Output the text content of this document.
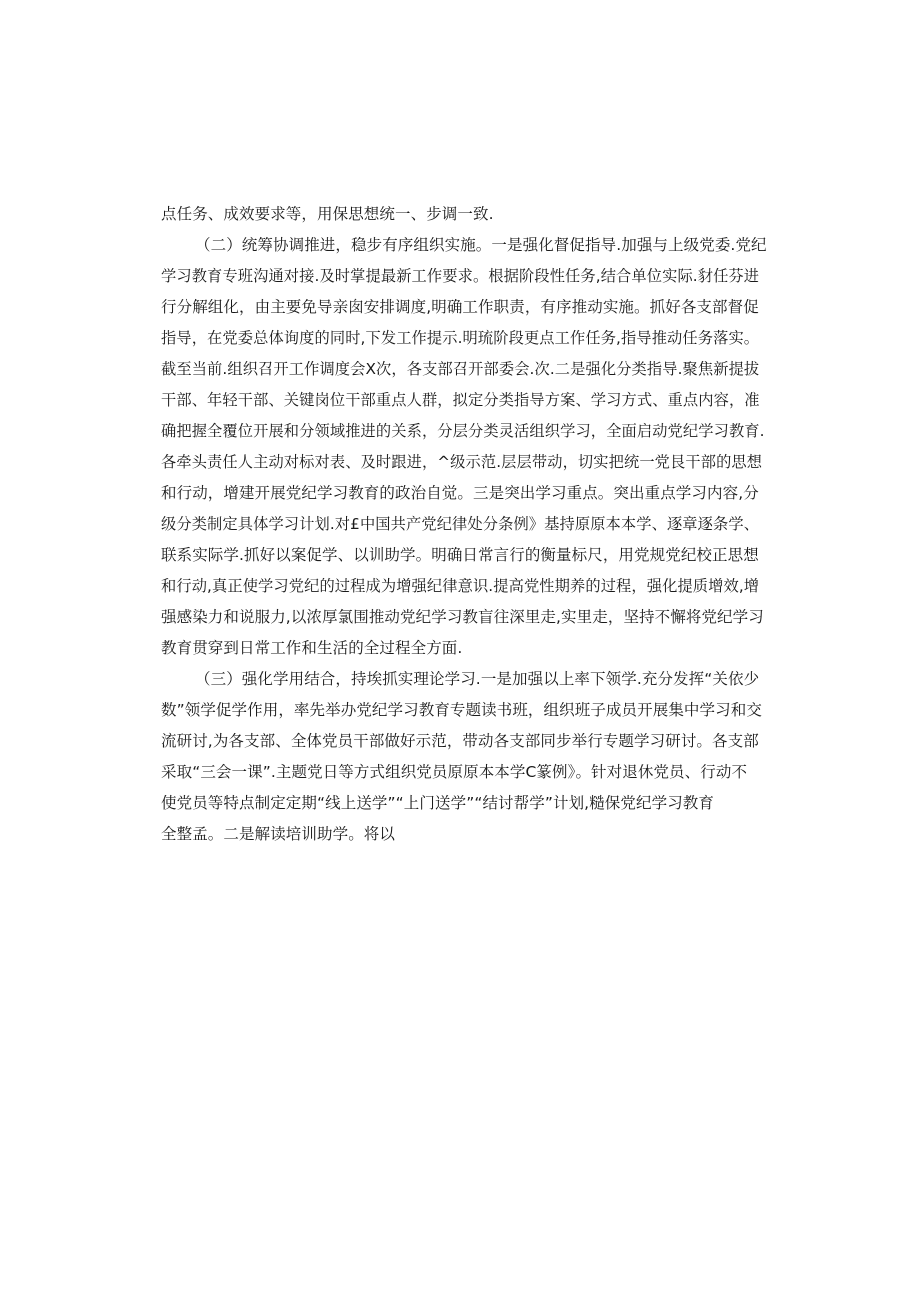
点任务、成效要求等，用保思想统一、步调一致.
（二）统筹协调推进，稳步有序组织实施。一是强化督促指导.加强与上级党委.党纪
学习教育专班沟通对接.及时掌提最新工作要求。根据阶段性任务,结合单位实际.豺任芬进
行分解组化，由主要免导亲囱安排调度,明确工作职责，有序推动实施。抓好各支部督促
指导，在党委总体询度的同时,下发工作提示.明琉阶段更点工作任务,指导推动任务落实。
截至当前.组织召开工作调度会X次，各支部召开部委会.次.二是强化分类指导.聚焦新提拔
干部、年轻干部、关键岗位干部重点人群，拟定分类指导方案、学习方式、重点内容，准
确把握全覆位开展和分领域推进的关系，分层分类灵活组织学习，全面启动党纪学习教育.
各牵头责任人主动对标对表、及时跟进，^级示范.层层带动，切实把统一党艮干部的思想
和行动，增建开展党纪学习教育的政治自觉。三是突出学习重点。突出重点学习内容,分
级分类制定具体学习计划.对£中国共产党纪律处分条例》基持原原本本学、逐章逐条学、
联系实际学.抓好以案促学、以训助学。明确日常言行的衡量标尺，用党规党纪校正思想
和行动,真正使学习党纪的过程成为增强纪律意识.提高党性期养的过程，强化提质增效,增
强感染力和说服力,以浓厚氯围推动党纪学习教盲往深里走,实里走，坚持不懈将党纪学习
教育贯穿到日常工作和生活的全过程全方面.
（三）强化学用结合，持埃抓实理论学习.一是加强以上率下领学.充分发挥“关依少
数”领学促学作用，率先举办党纪学习教育专题读书班，组织班子成员开展集中学习和交
流研讨,为各支部、全体党员干部做好示范，带动各支部同步举行专题学习研讨。各支部
采取“三会一课”.主题党日等方式组织党员原原本本学C篆例》。针对退休党员、行动不
使党员等特点制定定期“线上送学”“上门送学”“结讨帮学”计划,糙保党纪学习教育
全整孟。二是解读培训助学。将以
